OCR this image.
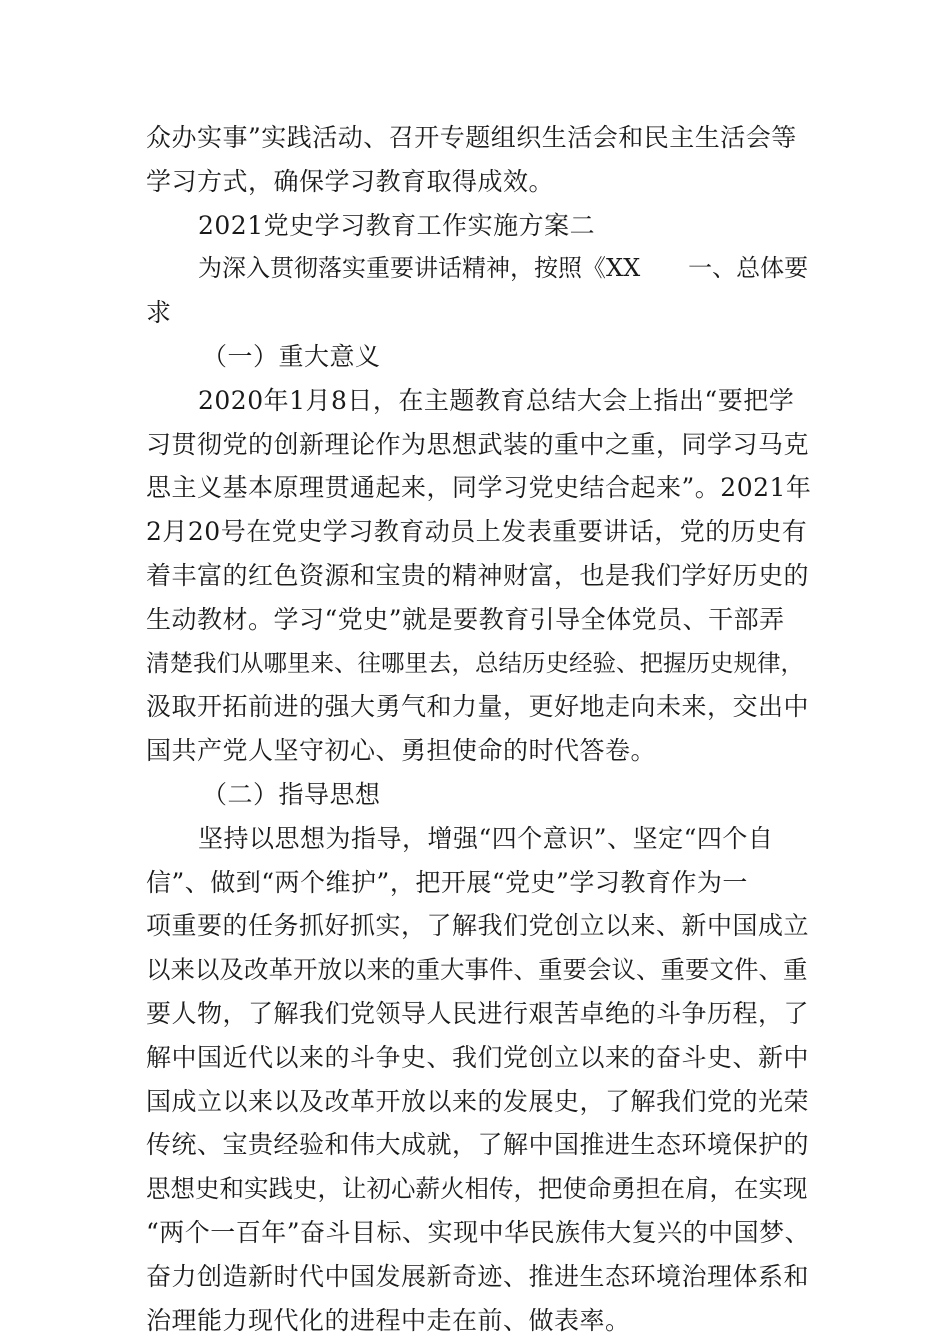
众办实事”实践活动、召开专题组织生活会和民主生活会等
学习方式，确保学习教育取得成效。
2021党史学习教育工作实施方案二
为深入贯彻落实重要讲话精神，按照《XX　　一、总体要
求
（一）重大意义
2020年1月8日，在主题教育总结大会上指出“要把学
习贯彻党的创新理论作为思想武装的重中之重，同学习马克
思主义基本原理贯通起来，同学习党史结合起来”。2021年
2月20号在党史学习教育动员上发表重要讲话，党的历史有
着丰富的红色资源和宝贵的精神财富，也是我们学好历史的
生动教材。学习“党史”就是要教育引导全体党员、干部弄
清楚我们从哪里来、往哪里去，总结历史经验、把握历史规律，
汲取开拓前进的强大勇气和力量，更好地走向未来，交出中
国共产党人坚守初心、勇担使命的时代答卷。
（二）指导思想
坚持以思想为指导，增强“四个意识”、坚定“四个自
信”、做到“两个维护”，把开展“党史”学习教育作为一
项重要的任务抓好抓实，了解我们党创立以来、新中国成立
以来以及改革开放以来的重大事件、重要会议、重要文件、重
要人物，了解我们党领导人民进行艰苦卓绝的斗争历程，了
解中国近代以来的斗争史、我们党创立以来的奋斗史、新中
国成立以来以及改革开放以来的发展史，了解我们党的光荣
传统、宝贵经验和伟大成就，了解中国推进生态环境保护的
思想史和实践史，让初心薪火相传，把使命勇担在肩，在实现
“两个一百年”奋斗目标、实现中华民族伟大复兴的中国梦、
奋力创造新时代中国发展新奇迹、推进生态环境治理体系和
治理能力现代化的进程中走在前、做表率。
